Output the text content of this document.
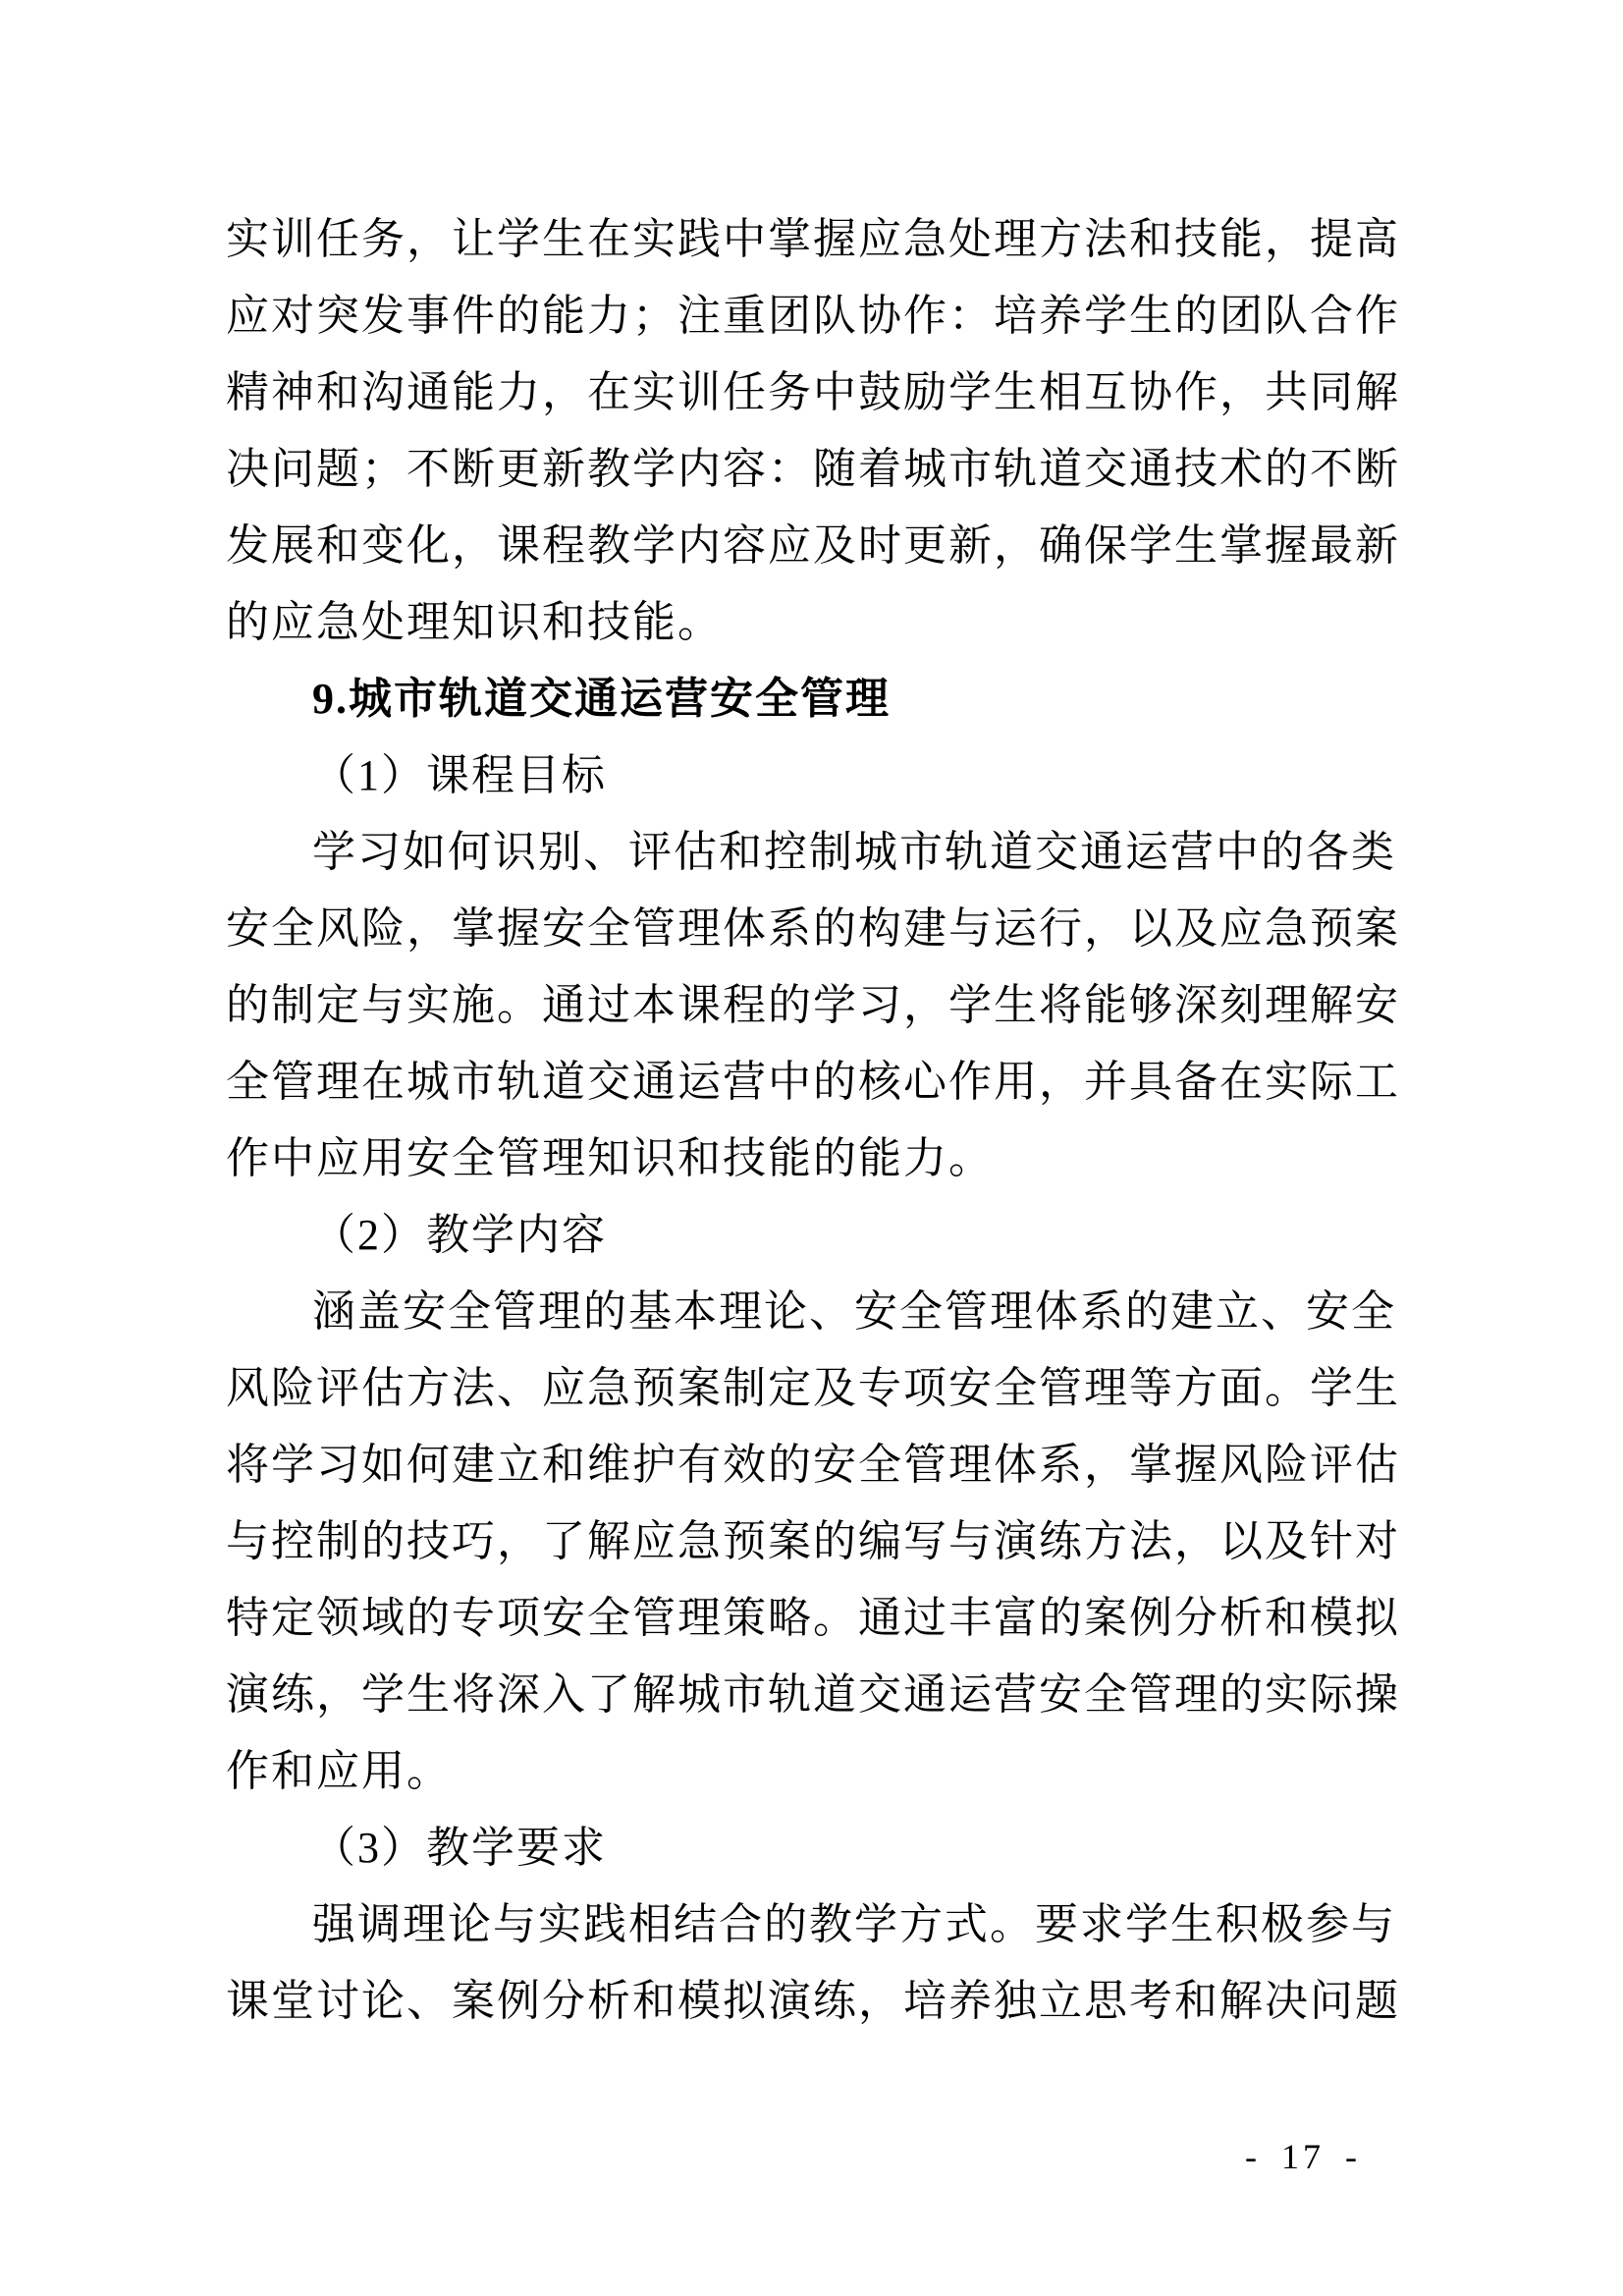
实训任务，让学生在实践中掌握应急处理方法和技能，提高应对突发事件的能力；注重团队协作：培养学生的团队合作精神和沟通能力，在实训任务中鼓励学生相互协作，共同解决问题；不断更新教学内容：随着城市轨道交通技术的不断发展和变化，课程教学内容应及时更新，确保学生掌握最新的应急处理知识和技能。

9.城市轨道交通运营安全管理

（1）课程目标

学习如何识别、评估和控制城市轨道交通运营中的各类安全风险，掌握安全管理体系的构建与运行，以及应急预案的制定与实施。通过本课程的学习，学生将能够深刻理解安全管理在城市轨道交通运营中的核心作用，并具备在实际工作中应用安全管理知识和技能的能力。

（2）教学内容

涵盖安全管理的基本理论、安全管理体系的建立、安全风险评估方法、应急预案制定及专项安全管理等方面。学生将学习如何建立和维护有效的安全管理体系，掌握风险评估与控制的技巧，了解应急预案的编写与演练方法，以及针对特定领域的专项安全管理策略。通过丰富的案例分析和模拟演练，学生将深入了解城市轨道交通运营安全管理的实际操作和应用。

（3）教学要求

强调理论与实践相结合的教学方式。要求学生积极参与课堂讨论、案例分析和模拟演练，培养独立思考和解决问题

- 17 -
